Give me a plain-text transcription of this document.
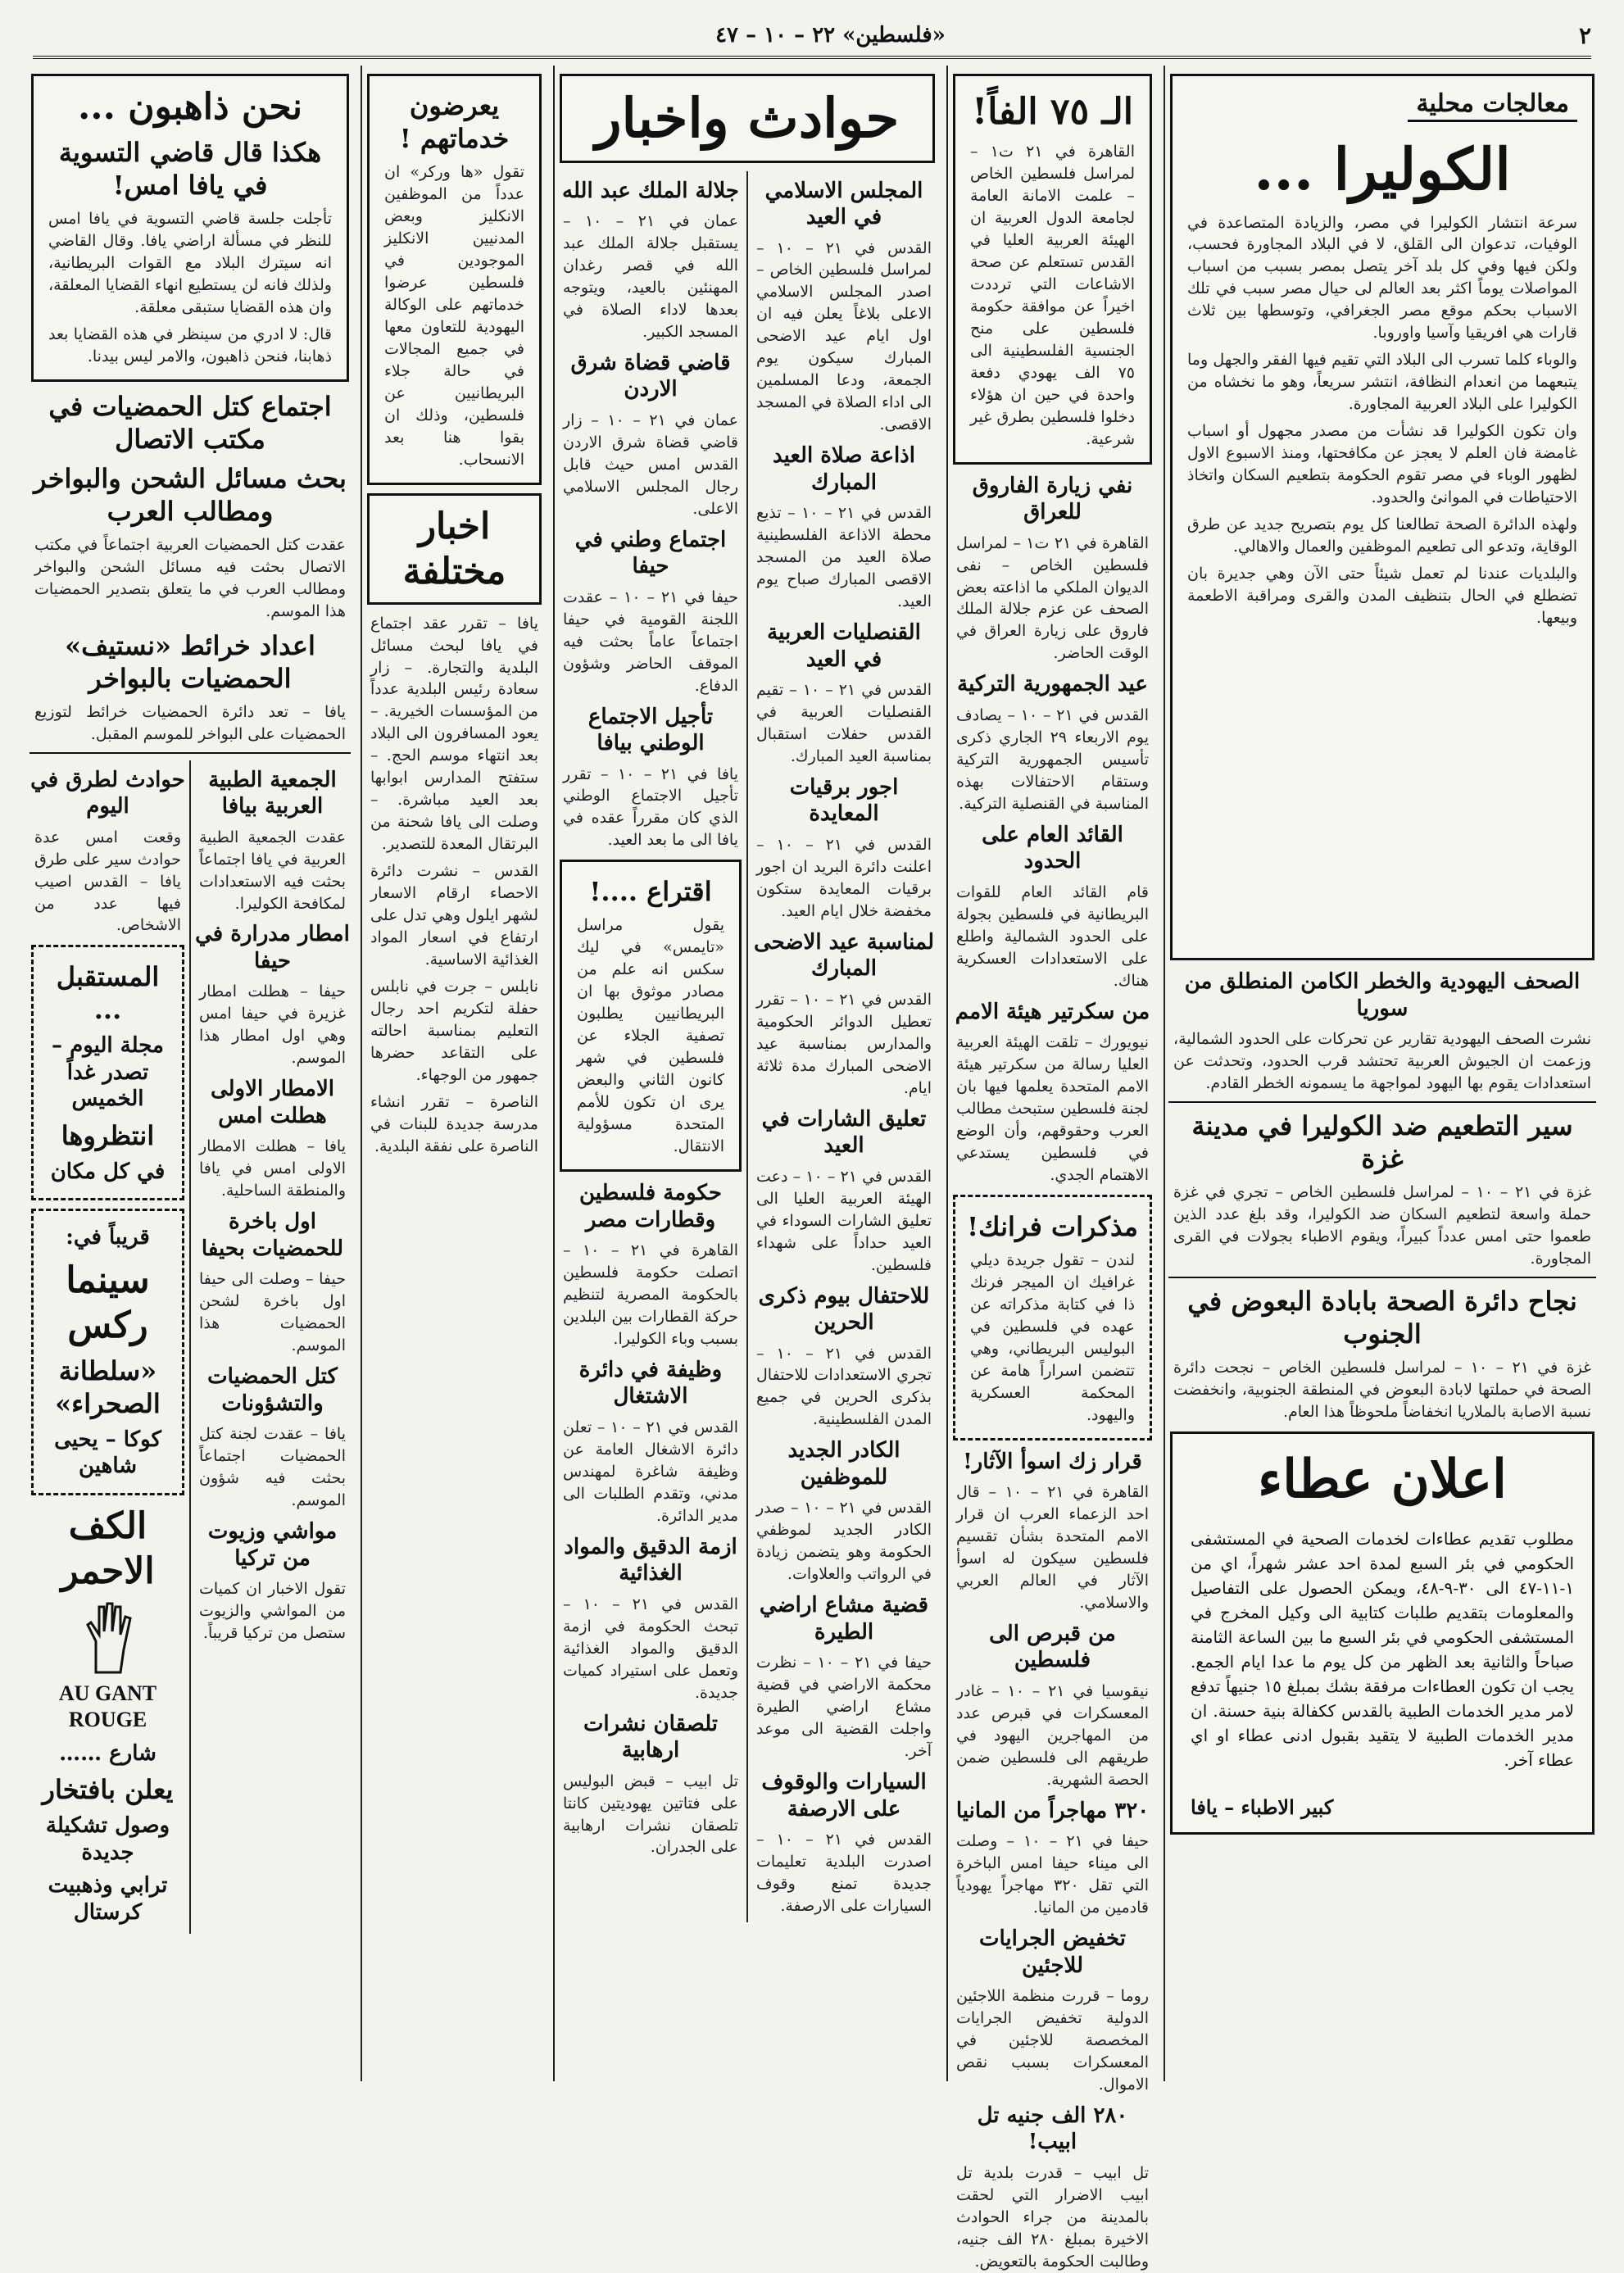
٢
«فلسطين» ٢٢ – ١٠ – ٤٧
معالجات محلية
الكوليرا ...

سرعة انتشار الكوليرا في مصر، والزيادة المتصاعدة في الوفيات، تدعوان الى القلق، لا في البلاد المجاورة فحسب، ولكن فيها وفي كل بلد آخر يتصل بمصر بسبب من اسباب المواصلات يوماً اكثر بعد العالم لى حيال مصر سبب في تلك الاسباب بحكم موقع مصر الجغرافي، وتوسطها بين ثلاث قارات هي افريقيا وآسيا واوروبا.

والوباء كلما تسرب الى البلاد التي تقيم فيها الفقر والجهل وما يتبعهما من انعدام النظافة، انتشر سريعاً، وهو ما نخشاه من الكوليرا على البلاد العربية المجاورة.

وان تكون الكوليرا قد نشأت من مصدر مجهول أو اسباب غامضة فان العلم لا يعجز عن مكافحتها، ومنذ الاسبوع الاول لظهور الوباء في مصر تقوم الحكومة بتطعيم السكان واتخاذ الاحتياطات في الموانئ والحدود.

ولهذه الدائرة الصحة تطالعنا كل يوم بتصريح جديد عن طرق الوقاية، وتدعو الى تطعيم الموظفين والعمال والاهالي.

والبلديات عندنا لم تعمل شيئاً حتى الآن وهي جديرة بان تضطلع في الحال بتنظيف المدن والقرى ومراقبة الاطعمة وبيعها.

الصحف اليهودية والخطر الكامن المنطلق من سوريا

نشرت الصحف اليهودية تقارير عن تحركات على الحدود الشمالية، وزعمت ان الجيوش العربية تحتشد قرب الحدود، وتحدثت عن استعدادات يقوم بها اليهود لمواجهة ما يسمونه الخطر القادم.

سير التطعيم ضد الكوليرا في مدينة غزة

غزة في ٢١ – ١٠ – لمراسل فلسطين الخاص – تجري في غزة حملة واسعة لتطعيم السكان ضد الكوليرا، وقد بلغ عدد الذين طعموا حتى امس عدداً كبيراً، ويقوم الاطباء بجولات في القرى المجاورة.

نجاح دائرة الصحة بابادة البعوض في الجنوب

غزة في ٢١ – ١٠ – لمراسل فلسطين الخاص – نجحت دائرة الصحة في حملتها لابادة البعوض في المنطقة الجنوبية، وانخفضت نسبة الاصابة بالملاريا انخفاضاً ملحوظاً هذا العام.

اعلان عطاء

مطلوب تقديم عطاءات لخدمات الصحية في المستشفى الحكومي في بئر السبع لمدة احد عشر شهراً، اي من ١-١١-٤٧ الى ٣٠-٩-٤٨، ويمكن الحصول على التفاصيل والمعلومات بتقديم طلبات كتابية الى وكيل المخرج في المستشفى الحكومي في بئر السبع ما بين الساعة الثامنة صباحاً والثانية بعد الظهر من كل يوم ما عدا ايام الجمع. يجب ان تكون العطاءات مرفقة بشك بمبلغ ١٥ جنيهاً تدفع لامر مدير الخدمات الطبية بالقدس ككفالة بنية حسنة. ان مدير الخدمات الطبية لا يتقيد بقبول ادنى عطاء او اي عطاء آخر.

كبير الاطباء – يافا
الـ ٧٥ الفاً!

القاهرة في ٢١ ت١ – لمراسل فلسطين الخاص – علمت الامانة العامة لجامعة الدول العربية ان الهيئة العربية العليا في القدس تستعلم عن صحة الاشاعات التي ترددت اخيراً عن موافقة حكومة فلسطين على منح الجنسية الفلسطينية الى ٧٥ الف يهودي دفعة واحدة في حين ان هؤلاء دخلوا فلسطين بطرق غير شرعية.

نفي زيارة الفاروق للعراق

القاهرة في ٢١ ت١ – لمراسل فلسطين الخاص – نفى الديوان الملكي ما اذاعته بعض الصحف عن عزم جلالة الملك فاروق على زيارة العراق في الوقت الحاضر.

عيد الجمهورية التركية

القدس في ٢١ – ١٠ – يصادف يوم الاربعاء ٢٩ الجاري ذكرى تأسيس الجمهورية التركية وستقام الاحتفالات بهذه المناسبة في القنصلية التركية.

القائد العام على الحدود

قام القائد العام للقوات البريطانية في فلسطين بجولة على الحدود الشمالية واطلع على الاستعدادات العسكرية هناك.

من سكرتير هيئة الامم

نيويورك – تلقت الهيئة العربية العليا رسالة من سكرتير هيئة الامم المتحدة يعلمها فيها بان لجنة فلسطين ستبحث مطالب العرب وحقوقهم، وأن الوضع في فلسطين يستدعي الاهتمام الجدي.

مذكرات فرانك!

لندن – تقول جريدة ديلي غرافيك ان الميجر فرنك ذا في كتابة مذكراته عن عهده في فلسطين في البوليس البريطاني، وهي تتضمن اسراراً هامة عن المحكمة العسكرية واليهود.

قرار زك اسوأ الآثار!

القاهرة في ٢١ – ١٠ – قال احد الزعماء العرب ان قرار الامم المتحدة بشأن تقسيم فلسطين سيكون له اسوأ الآثار في العالم العربي والاسلامي.

من قبرص الى فلسطين

نيقوسيا في ٢١ – ١٠ – غادر المعسكرات في قبرص عدد من المهاجرين اليهود في طريقهم الى فلسطين ضمن الحصة الشهرية.

٣٢٠ مهاجراً من المانيا

حيفا في ٢١ – ١٠ – وصلت الى ميناء حيفا امس الباخرة التي تقل ٣٢٠ مهاجراً يهودياً قادمين من المانيا.

تخفيض الجرايات للاجئين

روما – قررت منظمة اللاجئين الدولية تخفيض الجرايات المخصصة للاجئين في المعسكرات بسبب نقص الاموال.

٢٨٠ الف جنيه تل ابيب!

تل ابيب – قدرت بلدية تل ابيب الاضرار التي لحقت بالمدينة من جراء الحوادث الاخيرة بمبلغ ٢٨٠ الف جنيه، وطالبت الحكومة بالتعويض.

حوادث واخبار
المجلس الاسلامي في العيد

القدس في ٢١ – ١٠ – لمراسل فلسطين الخاص – اصدر المجلس الاسلامي الاعلى بلاغاً يعلن فيه ان اول ايام عيد الاضحى المبارك سيكون يوم الجمعة، ودعا المسلمين الى اداء الصلاة في المسجد الاقصى.

اذاعة صلاة العيد المبارك

القدس في ٢١ – ١٠ – تذيع محطة الاذاعة الفلسطينية صلاة العيد من المسجد الاقصى المبارك صباح يوم العيد.

القنصليات العربية في العيد

القدس في ٢١ – ١٠ – تقيم القنصليات العربية في القدس حفلات استقبال بمناسبة العيد المبارك.

اجور برقيات المعايدة

القدس في ٢١ – ١٠ – اعلنت دائرة البريد ان اجور برقيات المعايدة ستكون مخفضة خلال ايام العيد.

لمناسبة عيد الاضحى المبارك

القدس في ٢١ – ١٠ – تقرر تعطيل الدوائر الحكومية والمدارس بمناسبة عيد الاضحى المبارك مدة ثلاثة ايام.

تعليق الشارات في العيد

القدس في ٢١ – ١٠ – دعت الهيئة العربية العليا الى تعليق الشارات السوداء في العيد حداداً على شهداء فلسطين.

للاحتفال بيوم ذكرى الحرين

القدس في ٢١ – ١٠ – تجري الاستعدادات للاحتفال بذكرى الحرين في جميع المدن الفلسطينية.

الكادر الجديد للموظفين

القدس في ٢١ – ١٠ – صدر الكادر الجديد لموظفي الحكومة وهو يتضمن زيادة في الرواتب والعلاوات.

قضية مشاع اراضي الطيرة

حيفا في ٢١ – ١٠ – نظرت محكمة الاراضي في قضية مشاع اراضي الطيرة واجلت القضية الى موعد آخر.

السيارات والوقوف على الارصفة

القدس في ٢١ – ١٠ – اصدرت البلدية تعليمات جديدة تمنع وقوف السيارات على الارصفة.

جلالة الملك عبد الله

عمان في ٢١ – ١٠ – يستقبل جلالة الملك عبد الله في قصر رغدان المهنئين بالعيد، ويتوجه بعدها لاداء الصلاة في المسجد الكبير.

قاضي قضاة شرق الاردن

عمان في ٢١ – ١٠ – زار قاضي قضاة شرق الاردن القدس امس حيث قابل رجال المجلس الاسلامي الاعلى.

اجتماع وطني في حيفا

حيفا في ٢١ – ١٠ – عقدت اللجنة القومية في حيفا اجتماعاً عاماً بحثت فيه الموقف الحاضر وشؤون الدفاع.

تأجيل الاجتماع الوطني بيافا

يافا في ٢١ – ١٠ – تقرر تأجيل الاجتماع الوطني الذي كان مقرراً عقده في يافا الى ما بعد العيد.

اقتراع ....!

يقول مراسل «تايمس» في ليك سكس انه علم من مصادر موثوق بها ان البريطانيين يطلبون تصفية الجلاء عن فلسطين في شهر كانون الثاني والبعض يرى ان تكون للأمم المتحدة مسؤولية الانتقال.

حكومة فلسطين وقطارات مصر

القاهرة في ٢١ – ١٠ – اتصلت حكومة فلسطين بالحكومة المصرية لتنظيم حركة القطارات بين البلدين بسبب وباء الكوليرا.

وظيفة في دائرة الاشتغال

القدس في ٢١ – ١٠ – تعلن دائرة الاشغال العامة عن وظيفة شاغرة لمهندس مدني، وتقدم الطلبات الى مدير الدائرة.

ازمة الدقيق والمواد الغذائية

القدس في ٢١ – ١٠ – تبحث الحكومة في ازمة الدقيق والمواد الغذائية وتعمل على استيراد كميات جديدة.

تلصقان نشرات ارهابية

تل ابيب – قبض البوليس على فتاتين يهوديتين كانتا تلصقان نشرات ارهابية على الجدران.

يعرضون خدماتهم !

تقول «ها وركر» ان عدداً من الموظفين الانكليز وبعض المدنيين الانكليز الموجودين في فلسطين عرضوا خدماتهم على الوكالة اليهودية للتعاون معها في جميع المجالات في حالة جلاء البريطانيين عن فلسطين، وذلك ان بقوا هنا بعد الانسحاب.

اخبار مختلفة

يافا – تقرر عقد اجتماع في يافا لبحث مسائل البلدية والتجارة. – زار سعادة رئيس البلدية عدداً من المؤسسات الخيرية. – يعود المسافرون الى البلاد بعد انتهاء موسم الحج. – ستفتح المدارس ابوابها بعد العيد مباشرة. – وصلت الى يافا شحنة من البرتقال المعدة للتصدير.

القدس – نشرت دائرة الاحصاء ارقام الاسعار لشهر ايلول وهي تدل على ارتفاع في اسعار المواد الغذائية الاساسية.

نابلس – جرت في نابلس حفلة لتكريم احد رجال التعليم بمناسبة احالته على التقاعد حضرها جمهور من الوجهاء.

الناصرة – تقرر انشاء مدرسة جديدة للبنات في الناصرة على نفقة البلدية.

نحن ذاهبون ...
هكذا قال قاضي التسوية في يافا امس!

تأجلت جلسة قاضي التسوية في يافا امس للنظر في مسألة اراضي يافا. وقال القاضي انه سيترك البلاد مع القوات البريطانية، ولذلك فانه لن يستطيع انهاء القضايا المعلقة، وان هذه القضايا ستبقى معلقة.

قال: لا ادري من سينظر في هذه القضايا بعد ذهابنا، فنحن ذاهبون، والامر ليس بيدنا.

اجتماع كتل الحمضيات في مكتب الاتصال
بحث مسائل الشحن والبواخر ومطالب العرب

عقدت كتل الحمضيات العربية اجتماعاً في مكتب الاتصال بحثت فيه مسائل الشحن والبواخر ومطالب العرب في ما يتعلق بتصدير الحمضيات هذا الموسم.

اعداد خرائط «نستيف» الحمضيات بالبواخر

يافا – تعد دائرة الحمضيات خرائط لتوزيع الحمضيات على البواخر للموسم المقبل.

الجمعية الطبية العربية بيافا

عقدت الجمعية الطبية العربية في يافا اجتماعاً بحثت فيه الاستعدادات لمكافحة الكوليرا.

امطار مدرارة في حيفا

حيفا – هطلت امطار غزيرة في حيفا امس وهي اول امطار هذا الموسم.

الامطار الاولى هطلت امس

يافا – هطلت الامطار الاولى امس في يافا والمنطقة الساحلية.

اول باخرة للحمضيات بحيفا

حيفا – وصلت الى حيفا اول باخرة لشحن الحمضيات هذا الموسم.

كتل الحمضيات والتشؤونات

يافا – عقدت لجنة كتل الحمضيات اجتماعاً بحثت فيه شؤون الموسم.

مواشي وزيوت من تركيا

تقول الاخبار ان كميات من المواشي والزيوت ستصل من تركيا قريباً.

حوادث لطرق في اليوم

وقعت امس عدة حوادث سير على طرق يافا – القدس اصيب فيها عدد من الاشخاص.

المستقبل ...
مجلة اليوم – تصدر غداً الخميس
انتظروها
في كل مكان
قريباً في:
سينما ركس
«سلطانة الصحراء»
كوكا – يحيى شاهين
الكف الاحمر
AU GANT ROUGE
شارع ……
يعلن بافتخار
وصول تشكيلة جديدة
ترابي وذهبيت كرستال
